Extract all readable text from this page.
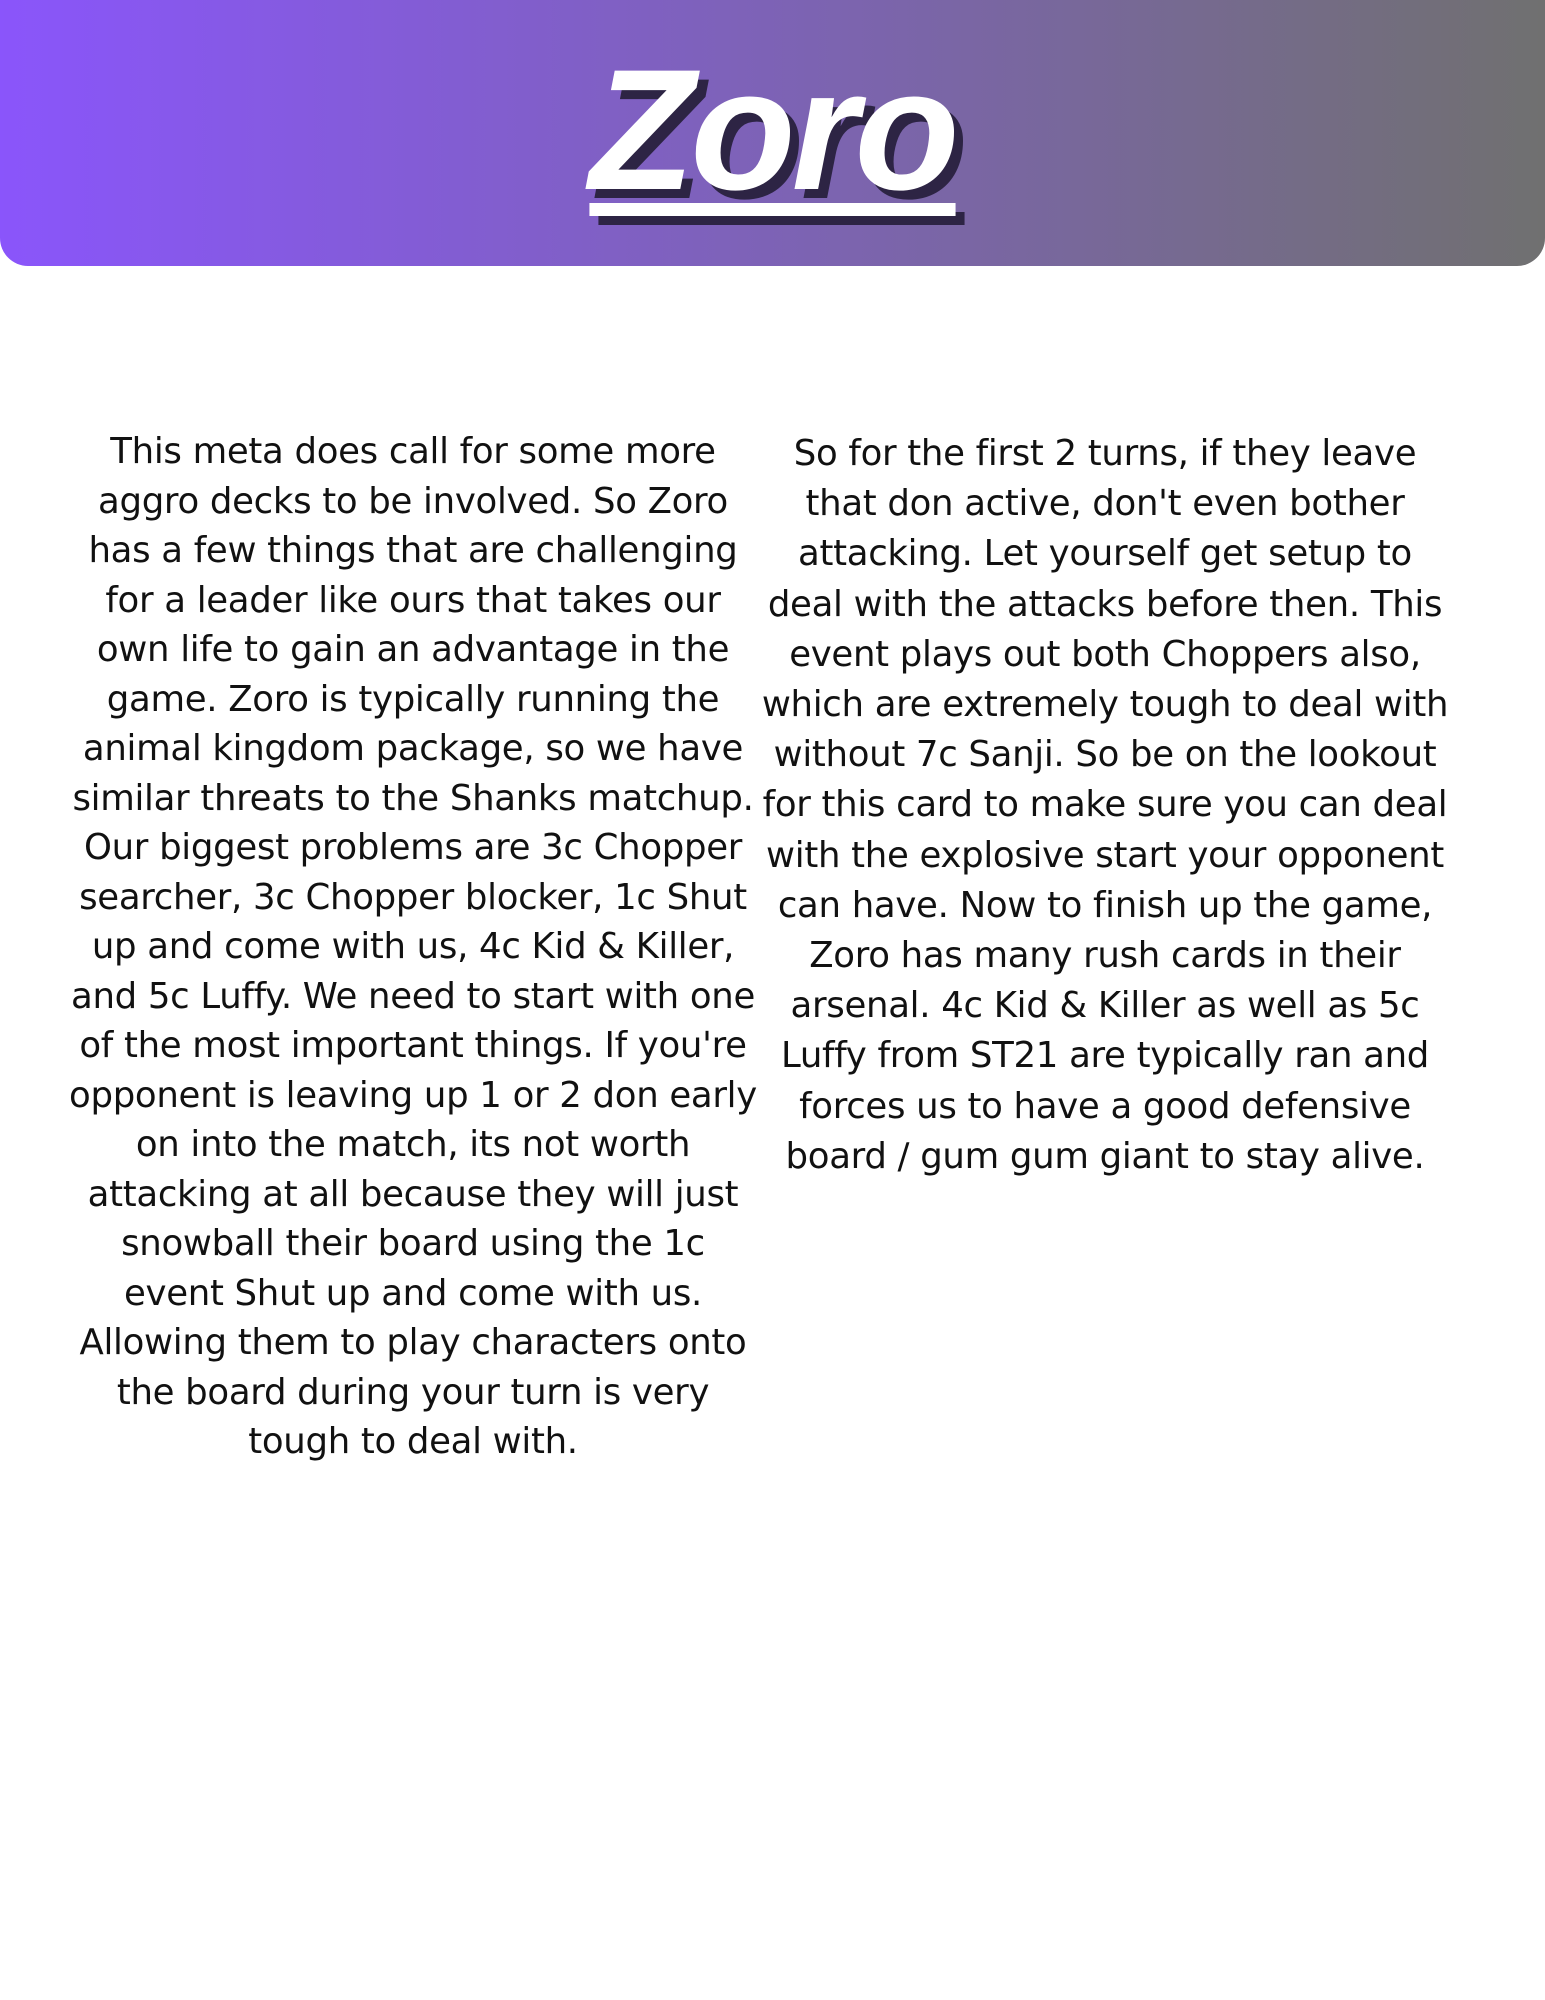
Zoro

This meta does call for some more aggro decks to be involved. So Zoro has a few things that are challenging for a leader like ours that takes our own life to gain an advantage in the game. Zoro is typically running the animal kingdom package, so we have similar threats to the Shanks matchup. Our biggest problems are 3c Chopper searcher, 3c Chopper blocker, 1c Shut up and come with us, 4c Kid & Killer, and 5c Luffy. We need to start with one of the most important things. If you're opponent is leaving up 1 or 2 don early on into the match, its not worth attacking at all because they will just snowball their board using the 1c event Shut up and come with us. Allowing them to play characters onto the board during your turn is very tough to deal with.

So for the first 2 turns, if they leave that don active, don't even bother attacking. Let yourself get setup to deal with the attacks before then. This event plays out both Choppers also, which are extremely tough to deal with without 7c Sanji. So be on the lookout for this card to make sure you can deal with the explosive start your opponent can have. Now to finish up the game, Zoro has many rush cards in their arsenal. 4c Kid & Killer as well as 5c Luffy from ST21 are typically ran and forces us to have a good defensive board / gum gum giant to stay alive.
